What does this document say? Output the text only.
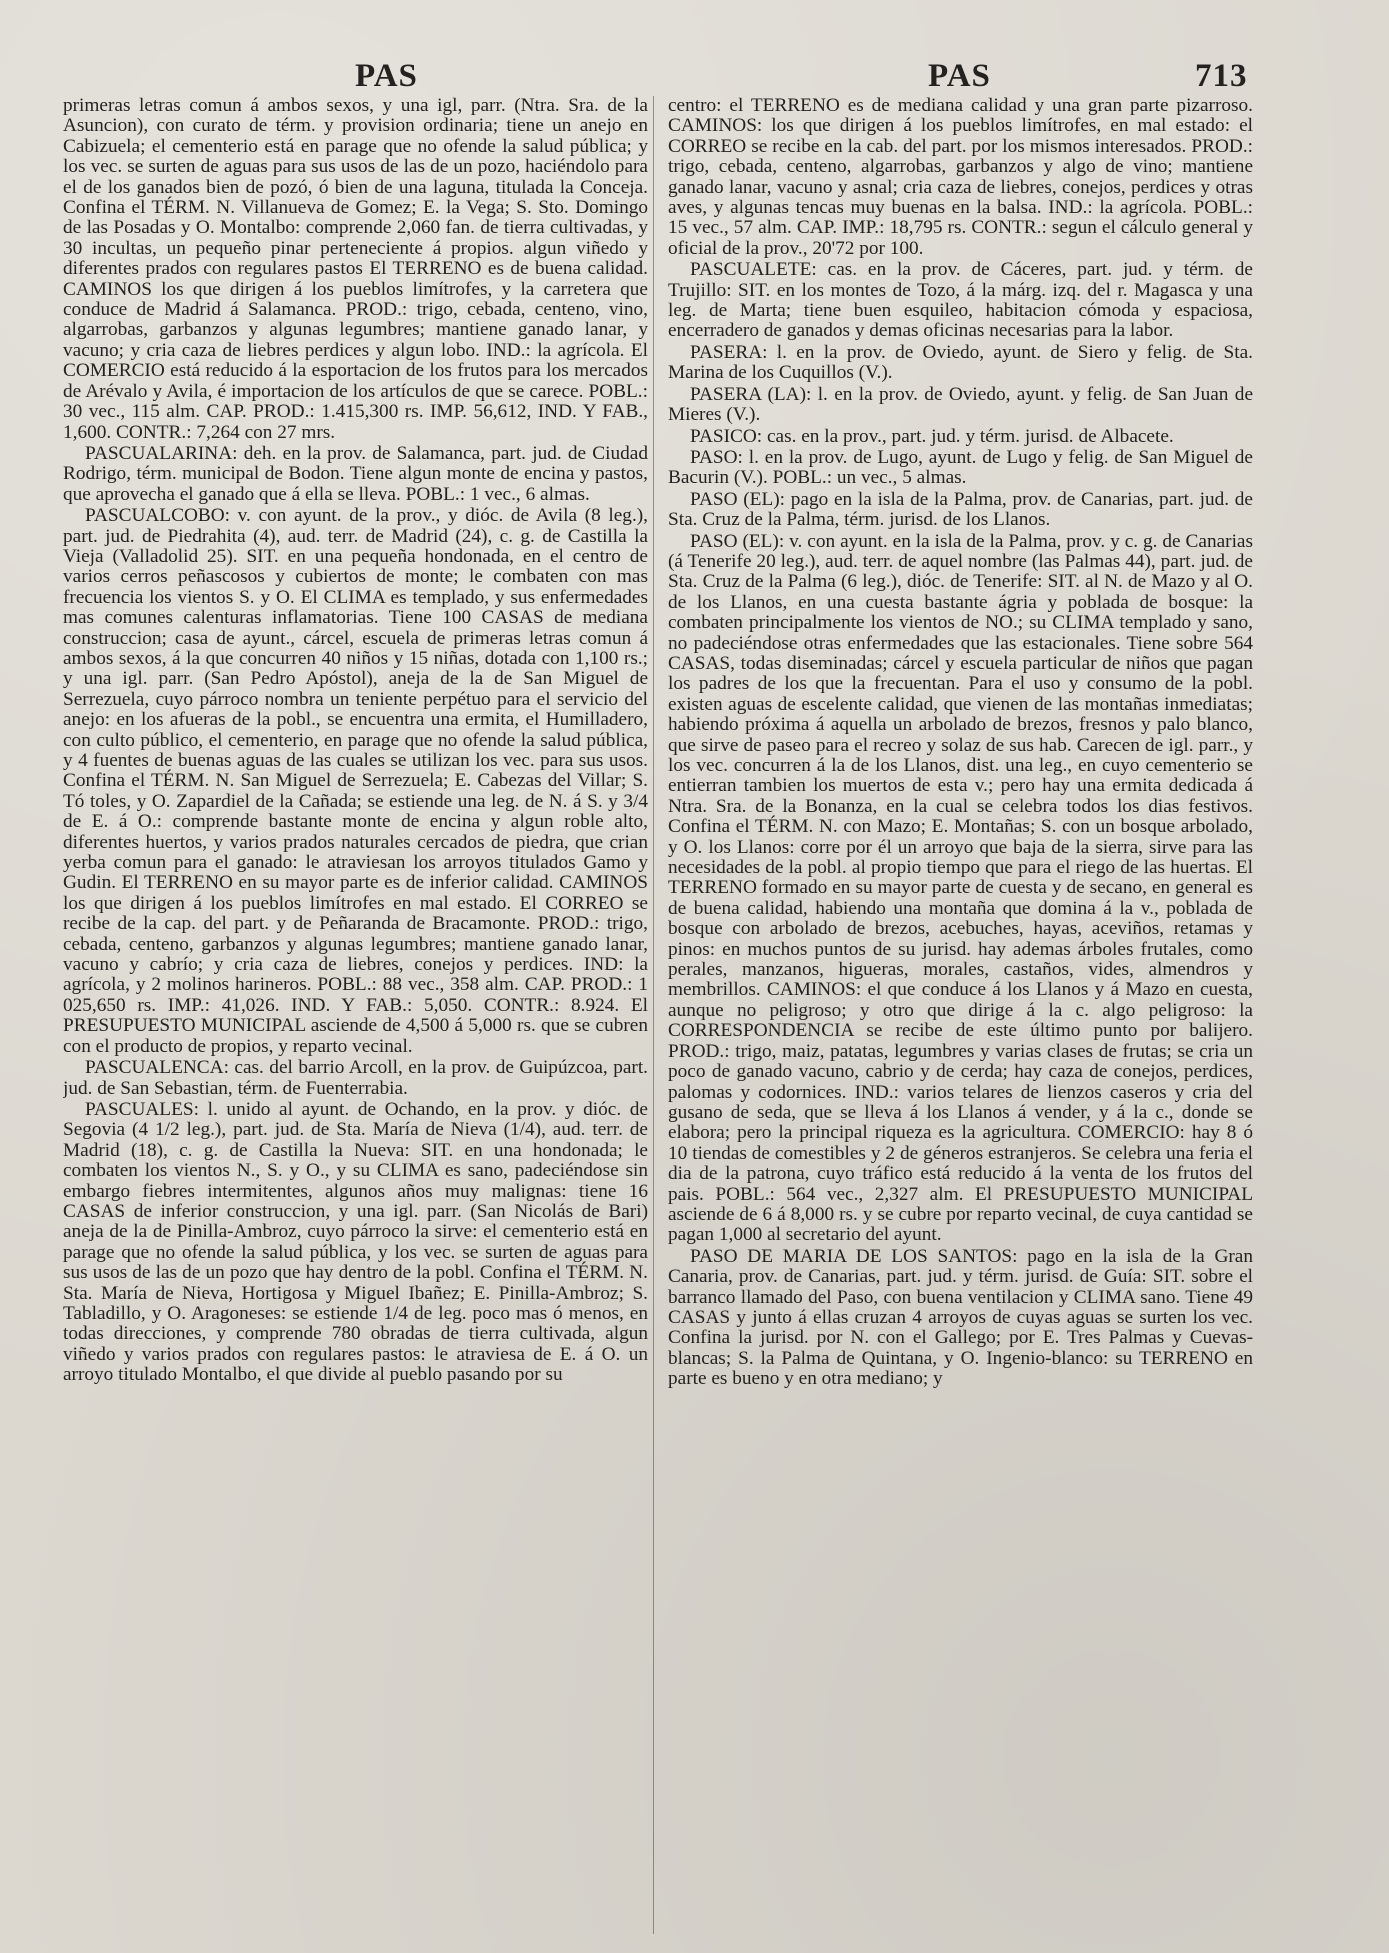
PAS	PAS	713

primeras letras comun á ambos sexos, y una igl, parr. (Ntra. Sra. de la Asuncion), con curato de térm. y provision ordinaria; tiene un anejo en Cabizuela; el cementerio está en parage que no ofende la salud pública; y los vec. se surten de aguas para sus usos de las de un pozo, haciéndolo para el de los ganados bien de pozó, ó bien de una laguna, titulada la Conceja. Confina el TÉRM. N. Villanueva de Gomez; E. la Vega; S. Sto. Domingo de las Posadas y O. Montalbo: comprende 2,060 fan. de tierra cultivadas, y 30 incultas, un pequeño pinar perteneciente á propios. algun viñedo y diferentes prados con regulares pastos El TERRENO es de buena calidad. CAMINOS los que dirigen á los pueblos limítrofes, y la carretera que conduce de Madrid á Salamanca. PROD.: trigo, cebada, centeno, vino, algarrobas, garbanzos y algunas legumbres; mantiene ganado lanar, y vacuno; y cria caza de liebres perdices y algun lobo. IND.: la agrícola. El COMERCIO está reducido á la esportacion de los frutos para los mercados de Arévalo y Avila, é importacion de los artículos de que se carece. POBL.: 30 vec., 115 alm. CAP. PROD.: 1.415,300 rs. IMP. 56,612, IND. Y FAB., 1,600. CONTR.: 7,264 con 27 mrs.

PASCUALARINA: deh. en la prov. de Salamanca, part. jud. de Ciudad Rodrigo, térm. municipal de Bodon. Tiene algun monte de encina y pastos, que aprovecha el ganado que á ella se lleva. POBL.: 1 vec., 6 almas.

PASCUALCOBO: v. con ayunt. de la prov., y dióc. de Avila (8 leg.), part. jud. de Piedrahita (4), aud. terr. de Madrid (24), c. g. de Castilla la Vieja (Valladolid 25). SIT. en una pequeña hondonada, en el centro de varios cerros peñascosos y cubiertos de monte; le combaten con mas frecuencia los vientos S. y O. El CLIMA es templado, y sus enfermedades mas comunes calenturas inflamatorias. Tiene 100 CASAS de mediana construccion; casa de ayunt., cárcel, escuela de primeras letras comun á ambos sexos, á la que concurren 40 niños y 15 niñas, dotada con 1,100 rs.; y una igl. parr. (San Pedro Apóstol), aneja de la de San Miguel de Serrezuela, cuyo párroco nombra un teniente perpétuo para el servicio del anejo: en los afueras de la pobl., se encuentra una ermita, el Humilladero, con culto público, el cementerio, en parage que no ofende la salud pública, y 4 fuentes de buenas aguas de las cuales se utilizan los vec. para sus usos. Confina el TÉRM. N. San Miguel de Serrezuela; E. Cabezas del Villar; S. Tó toles, y O. Zapardiel de la Cañada; se estiende una leg. de N. á S. y 3/4 de E. á O.: comprende bastante monte de encina y algun roble alto, diferentes huertos, y varios prados naturales cercados de piedra, que crian yerba comun para el ganado: le atraviesan los arroyos titulados Gamo y Gudin. El TERRENO en su mayor parte es de inferior calidad. CAMINOS los que dirigen á los pueblos limítrofes en mal estado. El CORREO se recibe de la cap. del part. y de Peñaranda de Bracamonte. PROD.: trigo, cebada, centeno, garbanzos y algunas legumbres; mantiene ganado lanar, vacuno y cabrío; y cria caza de liebres, conejos y perdices. IND: la agrícola, y 2 molinos harineros. POBL.: 88 vec., 358 alm. CAP. PROD.: 1 025,650 rs. IMP.: 41,026. IND. Y FAB.: 5,050. CONTR.: 8.924. El PRESUPUESTO MUNICIPAL asciende de 4,500 á 5,000 rs. que se cubren con el producto de propios, y reparto vecinal.

PASCUALENCA: cas. del barrio Arcoll, en la prov. de Guipúzcoa, part. jud. de San Sebastian, térm. de Fuenterrabia.

PASCUALES: l. unido al ayunt. de Ochando, en la prov. y dióc. de Segovia (4 1/2 leg.), part. jud. de Sta. María de Nieva (1/4), aud. terr. de Madrid (18), c. g. de Castilla la Nueva: SIT. en una hondonada; le combaten los vientos N., S. y O., y su CLIMA es sano, padeciéndose sin embargo fiebres intermitentes, algunos años muy malignas: tiene 16 CASAS de inferior construccion, y una igl. parr. (San Nicolás de Bari) aneja de la de Pinilla-Ambroz, cuyo párroco la sirve: el cementerio está en parage que no ofende la salud pública, y los vec. se surten de aguas para sus usos de las de un pozo que hay dentro de la pobl. Confina el TÉRM. N. Sta. María de Nieva, Hortigosa y Miguel Ibañez; E. Pinilla-Ambroz; S. Tabladillo, y O. Aragoneses: se estiende 1/4 de leg. poco mas ó menos, en todas direcciones, y comprende 780 obradas de tierra cultivada, algun viñedo y varios prados con regulares pastos: le atraviesa de E. á O. un arroyo titulado Montalbo, el que divide al pueblo pasando por su

centro: el TERRENO es de mediana calidad y una gran parte pizarroso. CAMINOS: los que dirigen á los pueblos limítrofes, en mal estado: el CORREO se recibe en la cab. del part. por los mismos interesados. PROD.: trigo, cebada, centeno, algarrobas, garbanzos y algo de vino; mantiene ganado lanar, vacuno y asnal; cria caza de liebres, conejos, perdices y otras aves, y algunas tencas muy buenas en la balsa. IND.: la agrícola. POBL.: 15 vec., 57 alm. CAP. IMP.: 18,795 rs. CONTR.: segun el cálculo general y oficial de la prov., 20'72 por 100.

PASCUALETE: cas. en la prov. de Cáceres, part. jud. y térm. de Trujillo: SIT. en los montes de Tozo, á la márg. izq. del r. Magasca y una leg. de Marta; tiene buen esquileo, habitacion cómoda y espaciosa, encerradero de ganados y demas oficinas necesarias para la labor.

PASERA: l. en la prov. de Oviedo, ayunt. de Siero y felig. de Sta. Marina de los Cuquillos (V.).

PASERA (LA): l. en la prov. de Oviedo, ayunt. y felig. de San Juan de Mieres (V.).

PASICO: cas. en la prov., part. jud. y térm. jurisd. de Albacete.

PASO: l. en la prov. de Lugo, ayunt. de Lugo y felig. de San Miguel de Bacurin (V.). POBL.: un vec., 5 almas.

PASO (EL): pago en la isla de la Palma, prov. de Canarias, part. jud. de Sta. Cruz de la Palma, térm. jurisd. de los Llanos.

PASO (EL): v. con ayunt. en la isla de la Palma, prov. y c. g. de Canarias (á Tenerife 20 leg.), aud. terr. de aquel nombre (las Palmas 44), part. jud. de Sta. Cruz de la Palma (6 leg.), dióc. de Tenerife: SIT. al N. de Mazo y al O. de los Llanos, en una cuesta bastante ágria y poblada de bosque: la combaten principalmente los vientos de NO.; su CLIMA templado y sano, no padeciéndose otras enfermedades que las estacionales. Tiene sobre 564 CASAS, todas diseminadas; cárcel y escuela particular de niños que pagan los padres de los que la frecuentan. Para el uso y consumo de la pobl. existen aguas de escelente calidad, que vienen de las montañas inmediatas; habiendo próxima á aquella un arbolado de brezos, fresnos y palo blanco, que sirve de paseo para el recreo y solaz de sus hab. Carecen de igl. parr., y los vec. concurren á la de los Llanos, dist. una leg., en cuyo cementerio se entierran tambien los muertos de esta v.; pero hay una ermita dedicada á Ntra. Sra. de la Bonanza, en la cual se celebra todos los dias festivos. Confina el TÉRM. N. con Mazo; E. Montañas; S. con un bosque arbolado, y O. los Llanos: corre por él un arroyo que baja de la sierra, sirve para las necesidades de la pobl. al propio tiempo que para el riego de las huertas. El TERRENO formado en su mayor parte de cuesta y de secano, en general es de buena calidad, habiendo una montaña que domina á la v., poblada de bosque con arbolado de brezos, acebuches, hayas, aceviños, retamas y pinos: en muchos puntos de su jurisd. hay ademas árboles frutales, como perales, manzanos, higueras, morales, castaños, vides, almendros y membrillos. CAMINOS: el que conduce á los Llanos y á Mazo en cuesta, aunque no peligroso; y otro que dirige á la c. algo peligroso: la CORRESPONDENCIA se recibe de este último punto por balijero. PROD.: trigo, maiz, patatas, legumbres y varias clases de frutas; se cria un poco de ganado vacuno, cabrio y de cerda; hay caza de conejos, perdices, palomas y codornices. IND.: varios telares de lienzos caseros y cria del gusano de seda, que se lleva á los Llanos á vender, y á la c., donde se elabora; pero la principal riqueza es la agricultura. COMERCIO: hay 8 ó 10 tiendas de comestibles y 2 de géneros estranjeros. Se celebra una feria el dia de la patrona, cuyo tráfico está reducido á la venta de los frutos del pais. POBL.: 564 vec., 2,327 alm. El PRESUPUESTO MUNICIPAL asciende de 6 á 8,000 rs. y se cubre por reparto vecinal, de cuya cantidad se pagan 1,000 al secretario del ayunt.

PASO DE MARIA DE LOS SANTOS: pago en la isla de la Gran Canaria, prov. de Canarias, part. jud. y térm. jurisd. de Guía: SIT. sobre el barranco llamado del Paso, con buena ventilacion y CLIMA sano. Tiene 49 CASAS y junto á ellas cruzan 4 arroyos de cuyas aguas se surten los vec. Confina la jurisd. por N. con el Gallego; por E. Tres Palmas y Cuevas-blancas; S. la Palma de Quintana, y O. Ingenio-blanco: su TERRENO en parte es bueno y en otra mediano; y
